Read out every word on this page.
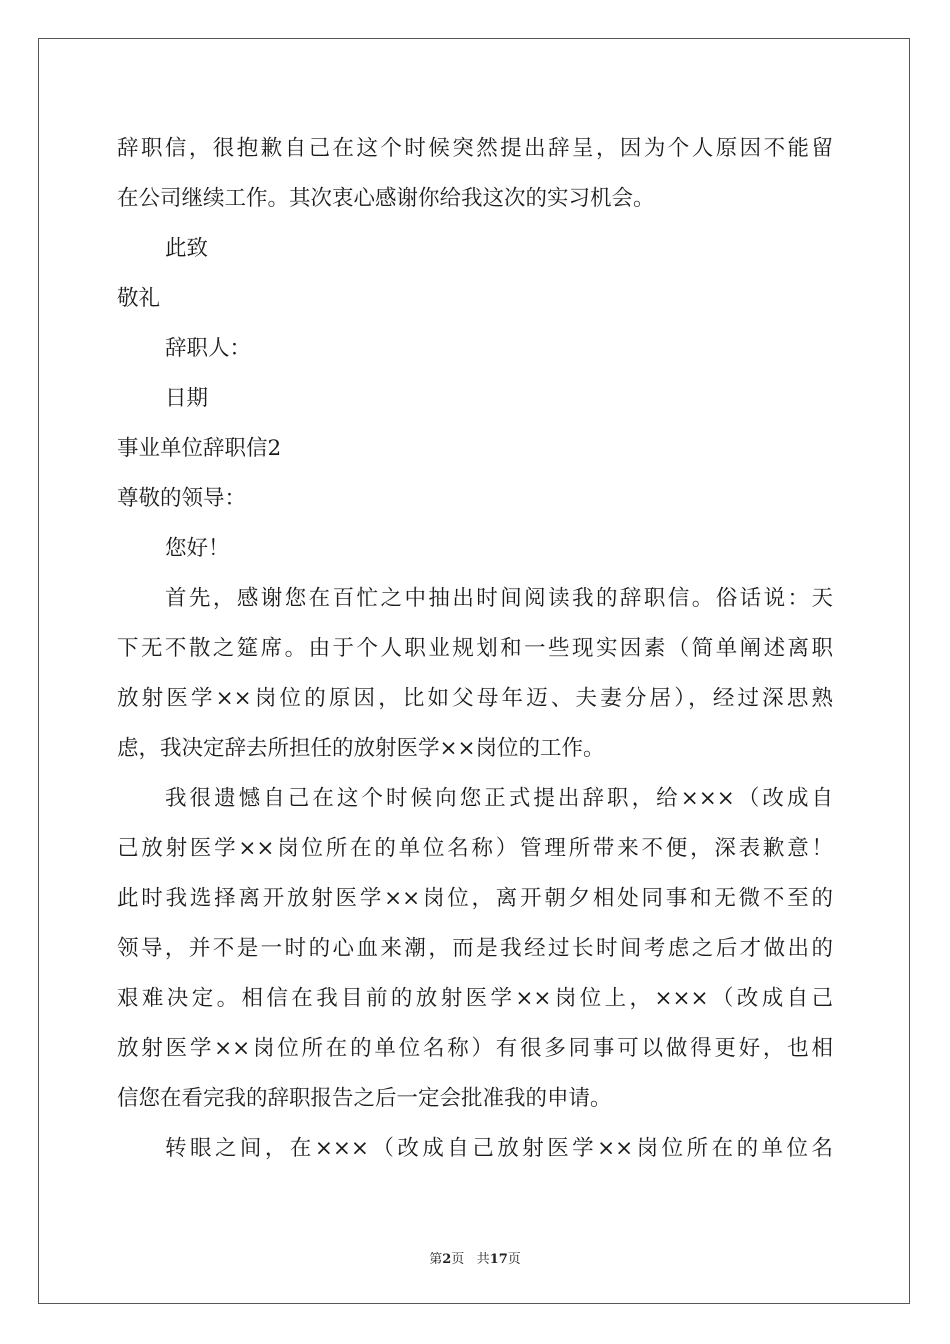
辞职信，很抱歉自己在这个时候突然提出辞呈，因为个人原因不能留
在公司继续工作。其次衷心感谢你给我这次的实习机会。
此致
敬礼
辞职人：
日期
事业单位辞职信2
尊敬的领导：
您好！
首先，感谢您在百忙之中抽出时间阅读我的辞职信。俗话说：天
下无不散之筵席。由于个人职业规划和一些现实因素（简单阐述离职
放射医学××岗位的原因，比如父母年迈、夫妻分居），经过深思熟
虑，我决定辞去所担任的放射医学××岗位的工作。
我很遗憾自己在这个时候向您正式提出辞职，给×××（改成自
己放射医学××岗位所在的单位名称）管理所带来不便，深表歉意！
此时我选择离开放射医学××岗位，离开朝夕相处同事和无微不至的
领导，并不是一时的心血来潮，而是我经过长时间考虑之后才做出的
艰难决定。相信在我目前的放射医学××岗位上，×××（改成自己
放射医学××岗位所在的单位名称）有很多同事可以做得更好，也相
信您在看完我的辞职报告之后一定会批准我的申请。
转眼之间，在×××（改成自己放射医学××岗位所在的单位名
第2页 共17页
